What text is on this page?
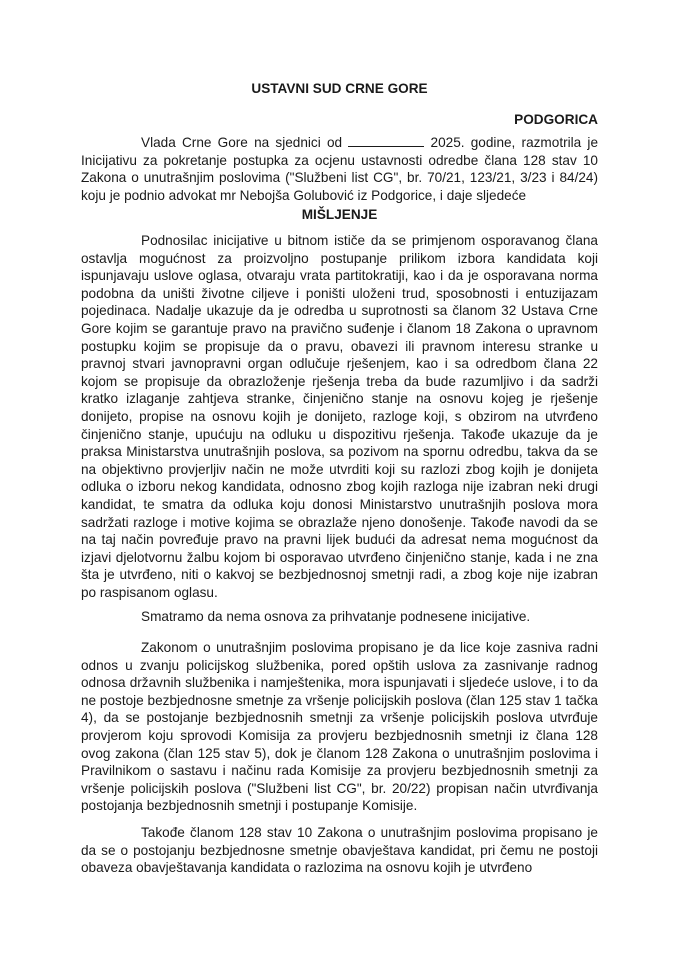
USTAVNI SUD CRNE GORE
PODGORICA

Vlada Crne Gore na sjednici od	2025. godine, razmotrila je Inicijativu za pokretanje postupka za ocjenu ustavnosti odredbe člana 128 stav 10 Zakona o unutrašnjim poslovima ("Službeni list CG", br. 70/21, 123/21, 3/23 i 84/24) koju je podnio advokat mr Nebojša Golubović iz Podgorice, i daje sljedeće

MIŠLJENJE

Podnosilac inicijative u bitnom ističe da se primjenom osporavanog člana ostavlja mogućnost za proizvoljno postupanje prilikom izbora kandidata koji ispunjavaju uslove oglasa, otvaraju vrata partitokratiji, kao i da je osporavana norma podobna da uništi životne ciljeve i poništi uloženi trud, sposobnosti i entuzijazam pojedinaca. Nadalje ukazuje da je odredba u suprotnosti sa članom 32 Ustava Crne Gore kojim se garantuje pravo na pravično suđenje i članom 18 Zakona o upravnom postupku kojim se propisuje da o pravu, obavezi ili pravnom interesu stranke u pravnoj stvari javnopravni organ odlučuje rješenjem, kao i sa odredbom člana 22 kojom se propisuje da obrazloženje rješenja treba da bude razumljivo i da sadrži kratko izlaganje zahtjeva stranke, činjenično stanje na osnovu kojeg je rješenje donijeto, propise na osnovu kojih je donijeto, razloge koji, s obzirom na utvrđeno činjenično stanje, upućuju na odluku u dispozitivu rješenja. Takođe ukazuje da je praksa Ministarstva unutrašnjih poslova, sa pozivom na spornu odredbu, takva da se na objektivno provjerljiv način ne može utvrditi koji su razlozi zbog kojih je donijeta odluka o izboru nekog kandidata, odnosno zbog kojih razloga nije izabran neki drugi kandidat, te smatra da odluka koju donosi Ministarstvo unutrašnjih poslova mora sadržati razloge i motive kojima se obrazlaže njeno donošenje. Takođe navodi da se na taj način povređuje pravo na pravni lijek budući da adresat nema mogućnost da izjavi djelotvornu žalbu kojom bi osporavao utvrđeno činjenično stanje, kada i ne zna šta je utvrđeno, niti o kakvoj se bezbjednosnoj smetnji radi, a zbog koje nije izabran po raspisanom oglasu.

Smatramo da nema osnova za prihvatanje podnesene inicijative.

Zakonom o unutrašnjim poslovima propisano je da lice koje zasniva radni odnos u zvanju policijskog službenika, pored opštih uslova za zasnivanje radnog odnosa državnih službenika i namještenika, mora ispunjavati i sljedeće uslove, i to da ne postoje bezbjednosne smetnje za vršenje policijskih poslova (član 125 stav 1 tačka 4), da se postojanje bezbjednosnih smetnji za vršenje policijskih poslova utvrđuje provjerom koju sprovodi Komisija za provjeru bezbjednosnih smetnji iz člana 128 ovog zakona (član 125 stav 5), dok je članom 128 Zakona o unutrašnjim poslovima i Pravilnikom o sastavu i načinu rada Komisije za provjeru bezbjednosnih smetnji za vršenje policijskih poslova ("Službeni list CG", br. 20/22) propisan način utvrđivanja postojanja bezbjednosnih smetnji i postupanje Komisije.

Takođe članom 128 stav 10 Zakona o unutrašnjim poslovima propisano je da se o postojanju bezbjednosne smetnje obavještava kandidat, pri čemu ne postoji obaveza obavještavanja kandidata o razlozima na osnovu kojih je utvrđeno
